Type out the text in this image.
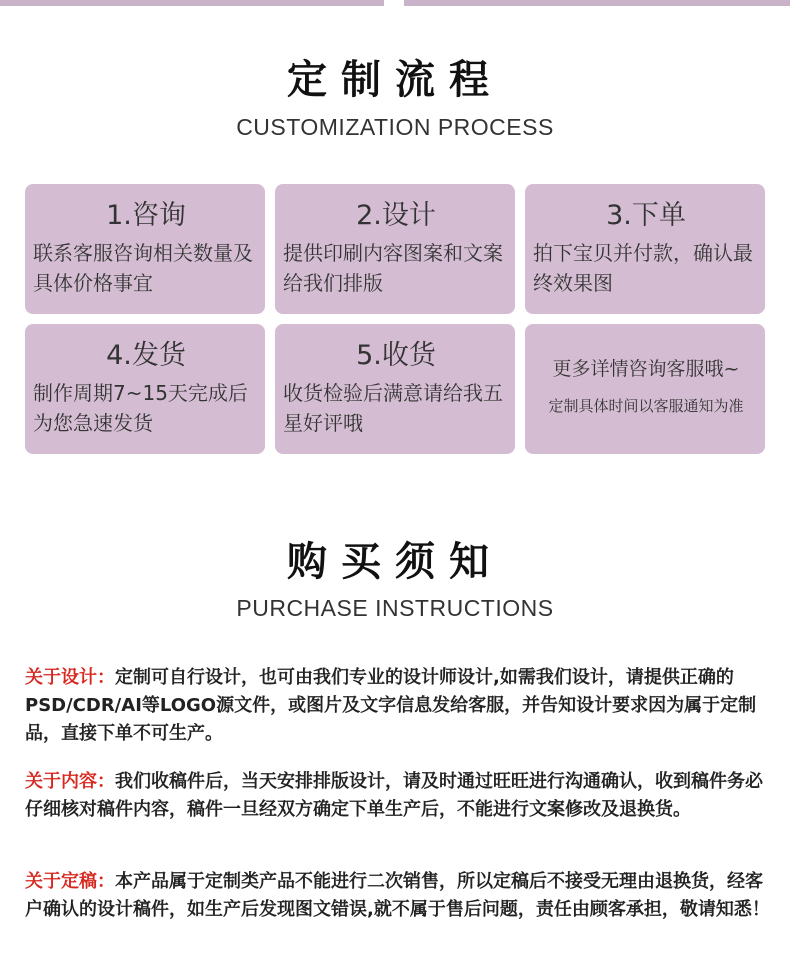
定制流程
CUSTOMIZATION PROCESS
1.咨询
联系客服咨询相关数量及具体价格事宜
2.设计
提供印刷内容图案和文案给我们排版
3.下单
拍下宝贝并付款，确认最终效果图
4.发货
制作周期7~15天完成后为您急速发货
5.收货
收货检验后满意请给我五星好评哦
更多详情咨询客服哦~
定制具体时间以客服通知为准
购买须知
PURCHASE INSTRUCTIONS
关于设计：定制可自行设计，也可由我们专业的设计师设计,如需我们设计，请提供正确的PSD/CDR/AI等LOGO源文件，或图片及文字信息发给客服，并告知设计要求因为属于定制品，直接下单不可生产。
关于内容：我们收稿件后，当天安排排版设计，请及时通过旺旺进行沟通确认，收到稿件务必仔细核对稿件内容，稿件一旦经双方确定下单生产后，不能进行文案修改及退换货。
关于定稿：本产品属于定制类产品不能进行二次销售，所以定稿后不接受无理由退换货，经客户确认的设计稿件，如生产后发现图文错误,就不属于售后问题，责任由顾客承担，敬请知悉！
